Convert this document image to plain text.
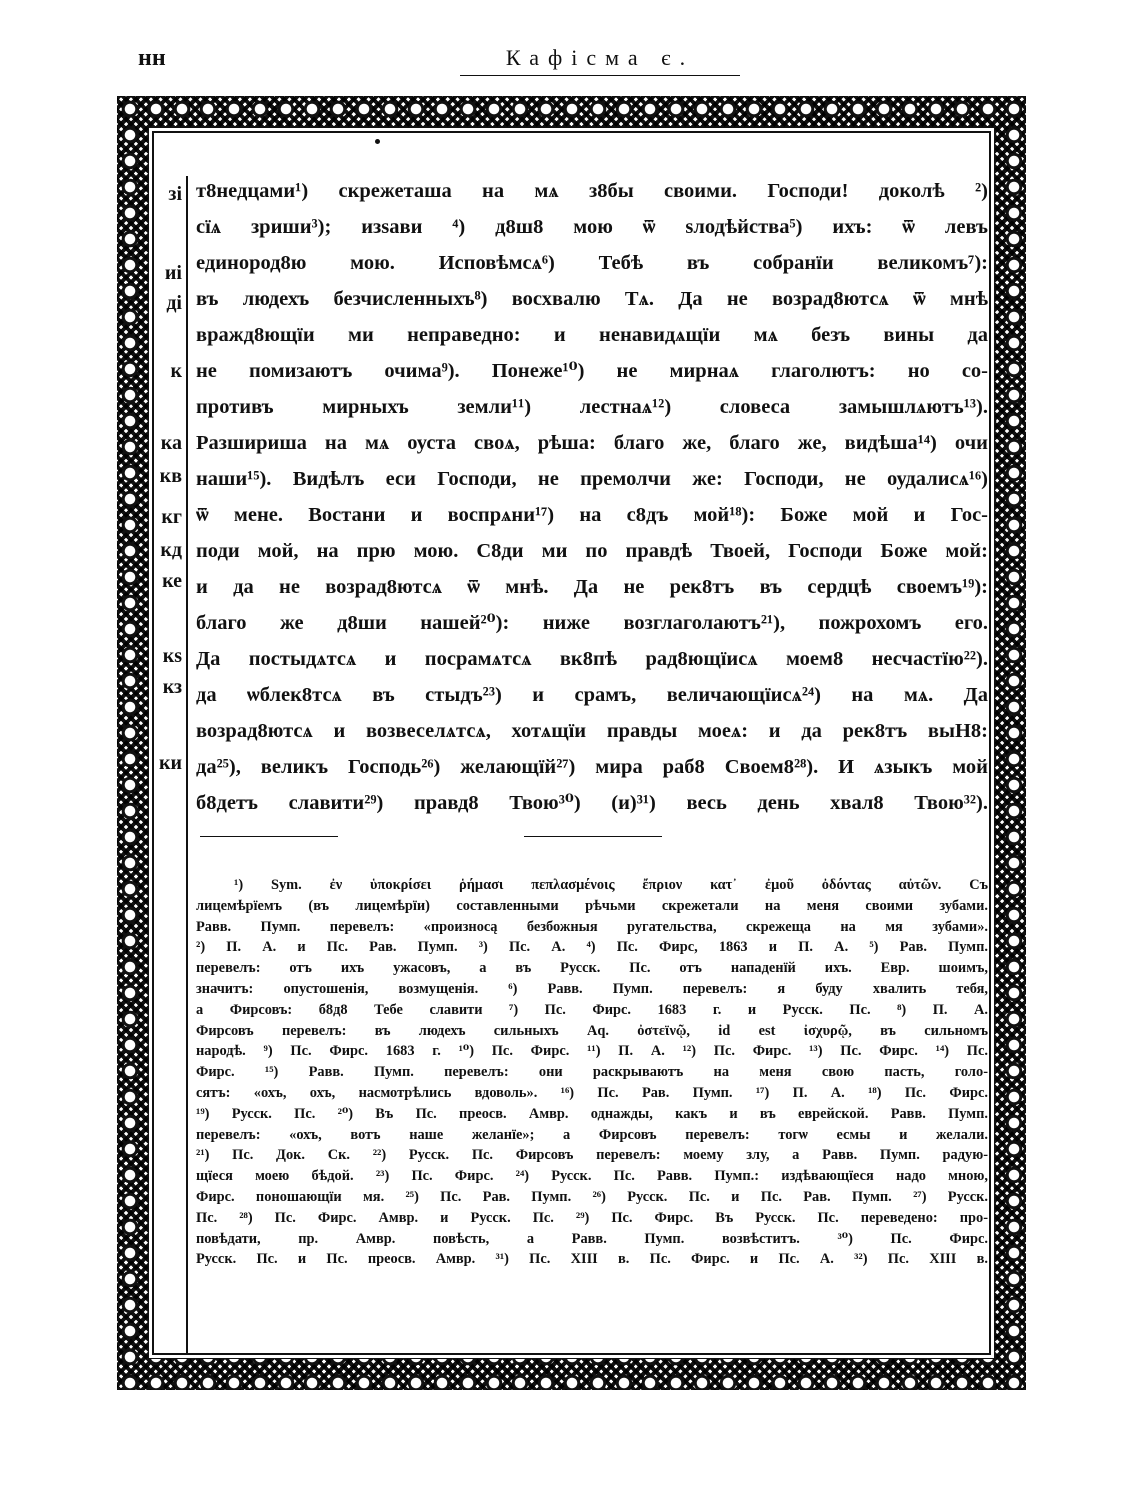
нн	Кафісма є.
зі
иі
ді
к
ка
кв
кг
кд
ке
кѕ
кз
ки
т8недцами¹) скрежеташа на мѧ з8бы своими. Господи! доколѣ ²)
сїѧ зриши³); изѕави ⁴) д8ш8 мою ѿ ѕлодѣйства⁵) ихъ: ѿ левъ
единород8ю мою. Исповѣмсѧ⁶) Тебѣ въ собранїи великомъ⁷):
въ людехъ безчисленныхъ⁸) восхвалю Тѧ. Да не возрад8ютсѧ ѿ мнѣ
вражд8ющїи ми неправедно: и ненавидѧщїи мѧ безъ вины да
не помизаютъ очима⁹). Понеже¹⁰) не мирнаѧ глаголютъ: но со-
противъ мирныхъ земли¹¹) лестнаѧ¹²) словеса замышлѧютъ¹³).
Разшириша на мѧ оуста своѧ, рѣша: благо же, благо же, видѣша¹⁴) очи
наши¹⁵). Видѣлъ еси Господи, не премолчи же: Господи, не оудалисѧ¹⁶)
ѿ мене. Востани и воспрѧни¹⁷) на с8дъ мой¹⁸): Боже мой и Гос-
поди мой, на прю мою. С8ди ми по правдѣ Твоей, Господи Боже мой:
и да не возрад8ютсѧ ѿ мнѣ. Да не рек8тъ въ сердцѣ своемъ¹⁹):
благо же д8ши нашей²⁰): ниже возглаголаютъ²¹), пожрохомъ его.
Да постыдѧтсѧ и посрамѧтсѧ вк8пѣ рад8ющїисѧ моем8 несчастїю²²).
да ѡблек8тсѧ въ стыдъ²³) и срамъ, величающїисѧ²⁴) на мѧ. Да
возрад8ютсѧ и возвеселѧтсѧ, хотѧщїи правды моеѧ: и да рек8тъ выН8:
да²⁵), великъ Господь²⁶) желающїй²⁷) мира раб8 Своем8²⁸). И ѧзыкъ мой
б8детъ славити²⁹) правд8 Твою³⁰) (и)³¹) весь день хвал8 Твою³²).
¹) Sym. ἐν ὑποκρίσει ῥήμασι πεπλασμένοις ἔπριον κατ᾽ ἐμοῦ ὀδόντας αὐτῶν. Съ
лицемѣрїемъ (въ лицемѣрїи) составленными рѣчьми скрежетали на меня своими зубами.
Равв. Пумп. перевелъ: «произносą безбожныя ругательства, скрежеща на мя зубами».
²) П. А. и Пс. Рав. Пумп. ³) Пс. А. ⁴) Пс. Фирс, 1863 и П. А. ⁵) Рав. Пумп.
перевелъ: отъ ихъ ужасовъ, а въ Русск. Пс. отъ нападенїй ихъ. Евр. шоимъ,
значитъ: опустошенія, возмущенія. ⁶) Равв. Пумп. перевелъ: я буду хвалить тебя,
а Фирсовъ: б8д8 Тебе славити ⁷) Пс. Фирс. 1683 г. и Русск. Пс. ⁸) П. А.
Фирсовъ перевелъ: въ людехъ сильныхъ Aq. ὀστεϊνῷ, id est ἰσχυρῷ, въ сильномъ
народѣ. ⁹) Пс. Фирс. 1683 г. ¹⁰) Пс. Фирс. ¹¹) П. А. ¹²) Пс. Фирс. ¹³) Пс. Фирс. ¹⁴) Пс.
Фирс. ¹⁵) Равв. Пумп. перевелъ: они раскрываютъ на меня свою пасть, голо-
сятъ: «охъ, охъ, насмотрѣлись вдоволь». ¹⁶) Пс. Рав. Пумп. ¹⁷) П. А. ¹⁸) Пс. Фирс.
¹⁹) Русск. Пс. ²⁰) Въ Пс. преосв. Амвр. однажды, какъ и въ еврейской. Равв. Пумп.
перевелъ: «охъ, вотъ наше желанїе»; а Фирсовъ перевелъ: тогѡ есмы и желали.
²¹) Пс. Док. Ск. ²²) Русск. Пс. Фирсовъ перевелъ: моему злу, а Равв. Пумп. радую-
щїеся моею бѣдой. ²³) Пс. Фирс. ²⁴) Русск. Пс. Равв. Пумп.: издѣвающїеся надо мною,
Фирс. поношающїи мя. ²⁵) Пс. Рав. Пумп. ²⁶) Русск. Пс. и Пс. Рав. Пумп. ²⁷) Русск.
Пс. ²⁸) Пс. Фирс. Амвр. и Русск. Пс. ²⁹) Пс. Фирс. Въ Русск. Пс. переведено: про-
повѣдати, пр. Амвр. повѣсть, а Равв. Пумп. возвѣститъ. ³⁰) Пс. Фирс.
Русск. Пс. и Пс. преосв. Амвр. ³¹) Пс. XIII в. Пс. Фирс. и Пс. А. ³²) Пс. XIII в.
